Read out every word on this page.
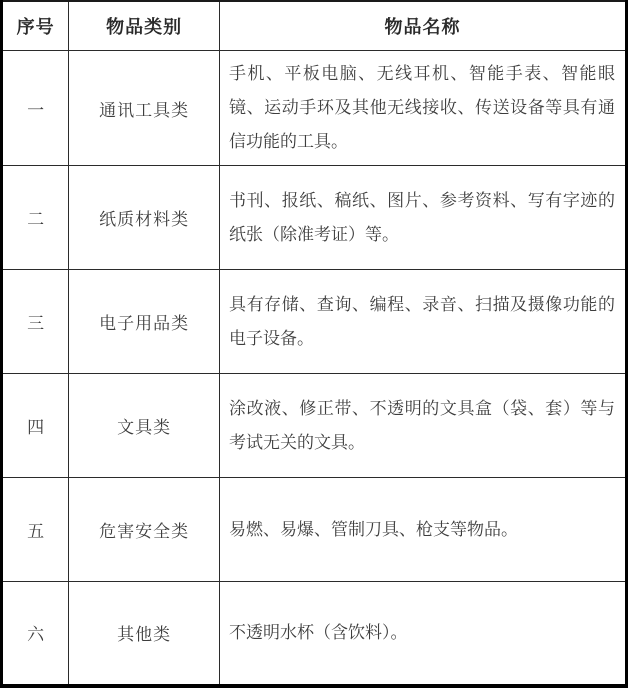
序号	物品类别	物品名称
一	通讯工具类	手机、平板电脑、无线耳机、智能手表、智能眼镜、运动手环及其他无线接收、传送设备等具有通信功能的工具。
二	纸质材料类	书刊、报纸、稿纸、图片、参考资料、写有字迹的纸张（除准考证）等。
三	电子用品类	具有存储、查询、编程、录音、扫描及摄像功能的电子设备。
四	文具类	涂改液、修正带、不透明的文具盒（袋、套）等与考试无关的文具。
五	危害安全类	易燃、易爆、管制刀具、枪支等物品。
六	其他类	不透明水杯（含饮料）。
